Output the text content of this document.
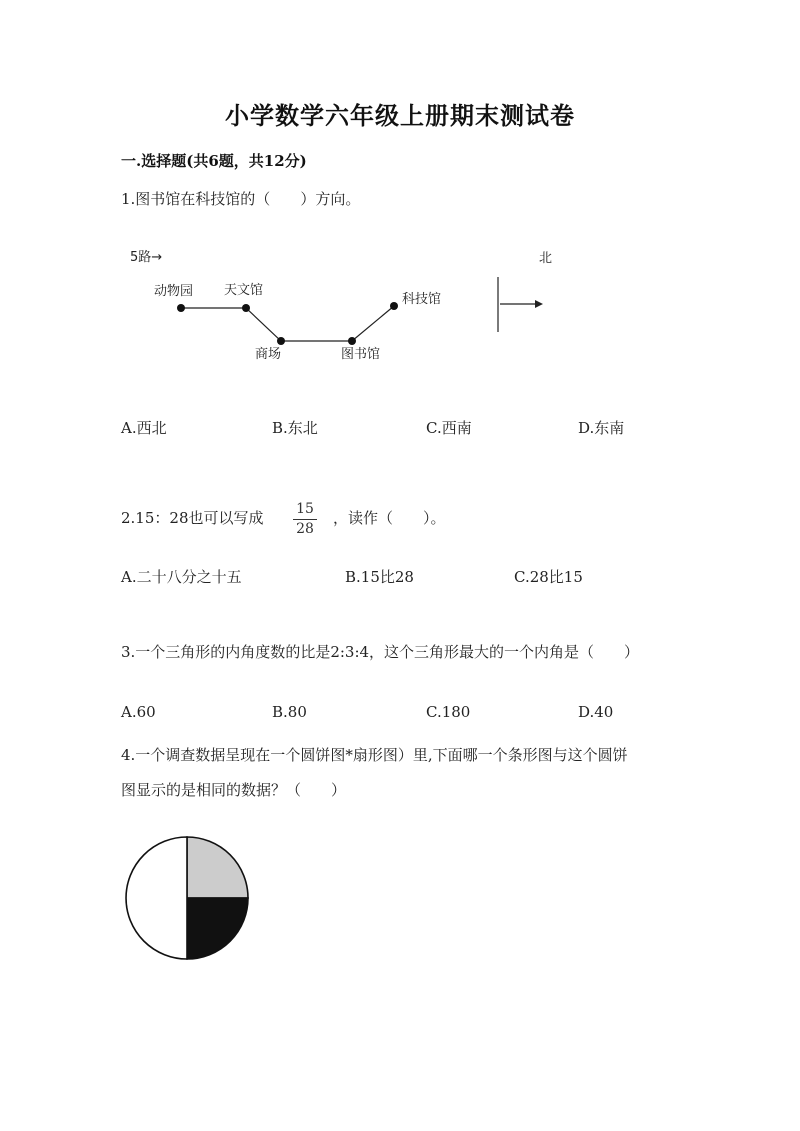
小学数学六年级上册期末测试卷
一.选择题(共6题，共12分)
1.图书馆在科技馆的（　　）方向。
5路→	北
动物园 天文馆
商场	图书馆
科技馆
A.西北	B.东北	C.西南	D.东南
2.15：28也可以写成 15
28
，读作（　　）。
A.二十八分之十五	B.15比28	C.28比15
3.一个三角形的内角度数的比是2:3:4，这个三角形最大的一个内角是（　　）
A.60	B.80	C.180	D.40
4.一个调查数据呈现在一个圆饼图*扇形图）里,下面哪一个条形图与这个圆饼
图显示的是相同的数据？（　　）
